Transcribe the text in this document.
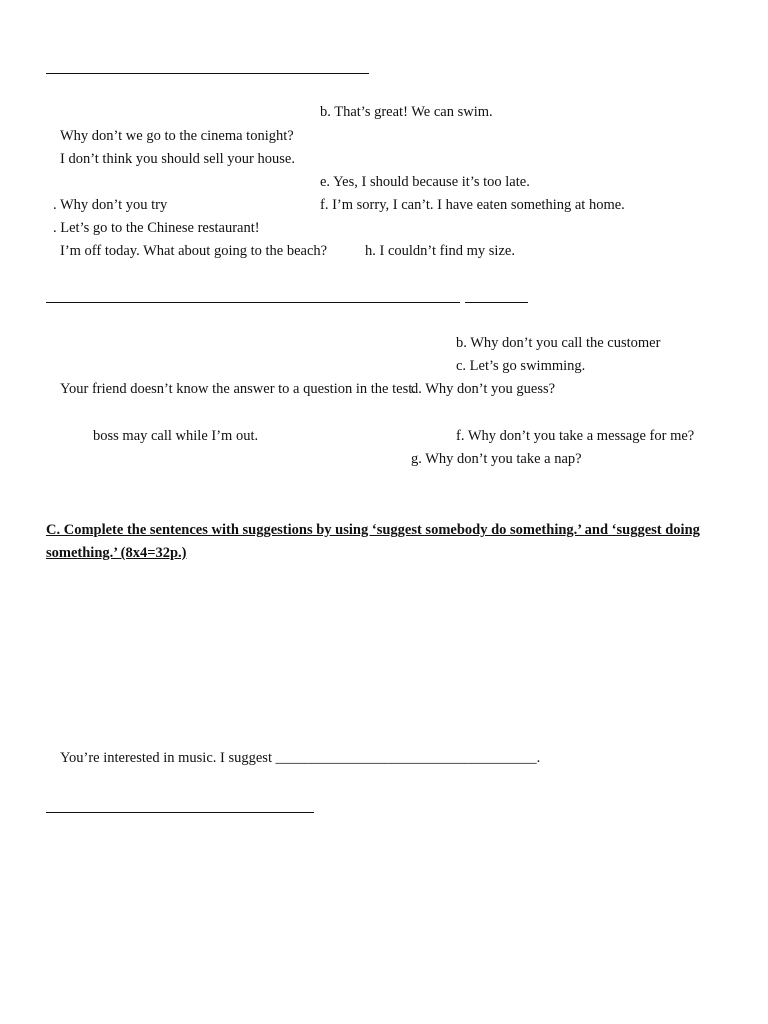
b. That’s great! We can swim.
Why don’t we go to the cinema tonight?
I don’t think you should sell your house.
e. Yes, I should because it’s too late.
. Why don’t you try	f. I’m sorry, I can’t. I have eaten something at home.
. Let’s go to the Chinese restaurant!
I’m off today. What about going to the beach?	h. I couldn’t find my size.
b. Why don’t you call the customer
c. Let’s go swimming.
Your friend doesn’t know the answer to a question in the test.
d. Why don’t you guess?
boss may call while I’m out.	f. Why don’t you take a message for me?
g. Why don’t you take a nap?
C. Complete the sentences with suggestions by using ‘suggest somebody do something.’ and ‘suggest doing something.’ (8x4=32p.)
You’re interested in music. I suggest ____________________________________.
